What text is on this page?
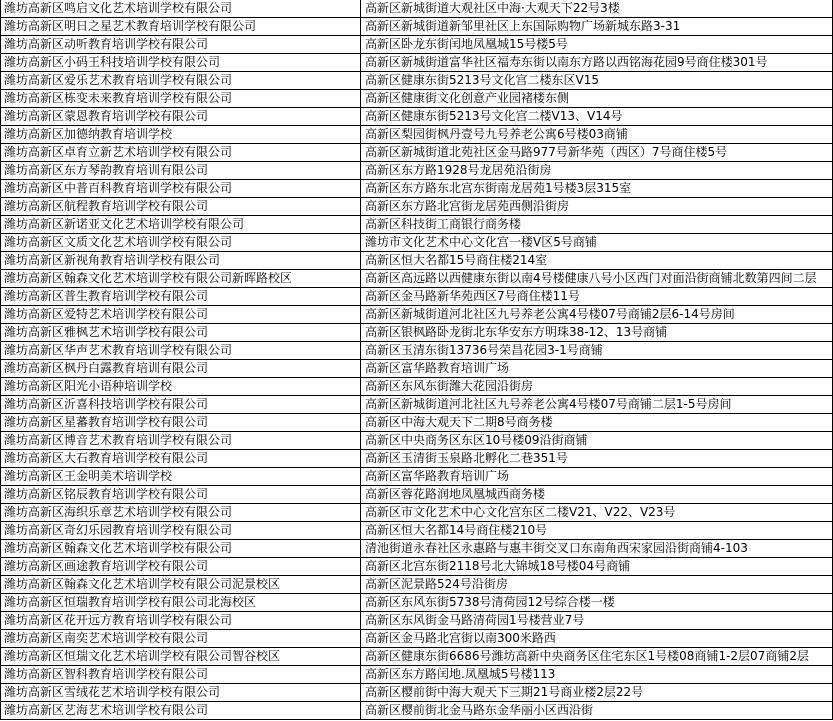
潍坊高新区鸣启文化艺术培训学校有限公司	高新区新城街道大观社区中海·大观天下22号3楼
潍坊高新区明日之星艺术教育培训学校有限公司	高新区新城街道新邹里社区上东国际购物广场新城东路3-31
潍坊高新区动听教育培训学校有限公司	高新区卧龙东街闰地凤凰城15号楼5号
潍坊高新区小码王科技培训学校有限公司	高新区新城街道富华社区福寿东街以南东方路以西铭海花园9号商住楼301号
潍坊高新区爱乐艺术教育培训学校有限公司	高新区健康东街5213号文化宫二楼东区V15
潍坊高新区栋变未来教育培训学校有限公司	高新区健康街文化创意产业园褚楼东侧
潍坊高新区蒙恩教育培训学校有限公司	高新区健康东街5213号文化宫二楼V13、V14号
潍坊高新区加德纳教育培训学校	高新区梨园街枫丹壹号九号养老公寓6号楼03商铺
潍坊高新区卓育立新艺术培训学校有限公司	高新区新城街道北苑社区金马路977号新华苑（西区）7号商住楼5号
潍坊高新区东方琴韵教育培训有限公司	高新区东方路1928号龙居苑沿街房
潍坊高新区中普百科教育培训学校有限公司	高新区东方路东北宫东街南龙居苑1号楼3层315室
潍坊高新区航程教育培训学校有限公司	高新区东方路北宫街龙居苑西侧沿街房
潍坊高新区新诺亚文化艺术培训学校有限公司	高新区科技街工商银行商务楼
潍坊高新区文质文化艺术培训学校有限公司	潍坊市文化艺术中心文化宫一楼V区5号商铺
潍坊高新区新视角教育培训学校有限公司	高新区恒大名都15号商住楼214室
潍坊高新区翰森文化艺术培训学校有限公司新晖路校区	高新区高远路以西健康东街以南4号楼健康八号小区西门对面沿街商铺北数第四间二层
潍坊高新区普生教育培训学校有限公司	高新区金马路新华苑西区7号商住楼11号
潍坊高新区爱特艺术培训学校有限公司	高新区新城街道河北社区九号养老公寓4号楼07号商铺2层6-14号房间
潍坊高新区雅枫艺术培训学校有限公司	高新区银枫路卧龙街北东华安东方明珠38-12、13号商铺
潍坊高新区华声艺术教育培训学校有限公司	高新区玉清东街13736号荣昌花园3-1号商铺
潍坊高新区枫丹白露教育培训有限公司	高新区富华路教育培训广场
潍坊高新区阳光小语种培训学校	高新区东风东街潍大花园沿街房
潍坊高新区沂喜科技培训学校有限公司	高新区新城街道河北社区九号养老公寓4号楼07号商铺二层1-5号房间
潍坊高新区星蕃教育培训学校有限公司	高新区中海大观天下二期8号商务楼
潍坊高新区博音艺术教育培训学校有限公司	高新区中央商务区东区10号楼09沿街商铺
潍坊高新区大石教育培训学校有限公司	高新区玉清街玉泉路北孵化二巷351号
潍坊高新区王金明美术培训学校	高新区富华路教育培训广场
潍坊高新区铭辰教育培训学校有限公司	高新区蓉花路润地凤凰城西商务楼
潍坊高新区海织乐章艺术培训学校有限公司	高新区市文化艺术中心文化宫东区二楼V21、V22、V23号
潍坊高新区奇幻乐园教育培训学校有限公司	高新区恒大名都14号商住楼210号
潍坊高新区翰森文化艺术培训学校有限公司	清池街道永春社区永惠路与惠丰街交叉口东南角西宋家园沿街商铺4-103
潍坊高新区画途教育培训学校有限公司	高新区北宫东街2118号北大锦城18号楼04号商铺
潍坊高新区翰森文化艺术培训学校有限公司泥景校区	高新区泥景路524号沿街房
潍坊高新区恒瑞教育培训学校有限公司北海校区	高新区东风东街5738号清荷园12号综合楼一楼
潍坊高新区花开远方教育培训学校有限公司	高新区东风街金马路清荷园1号楼营业7号
潍坊高新区南奕艺术培训学校有限公司	高新区金马路北宫街以南300米路西
潍坊高新区恒瑞文化艺术培训学校有限公司智谷校区	高新区健康东街6686号潍坊高新中央商务区住宅东区1号楼08商铺1-2层07商铺2层
潍坊高新区智科教育培训学校有限公司	高新区东方路闰地.凤凰城5号楼113
潍坊高新区雪绒花艺术培训学校有限公司	高新区樱前街中海大观天下三期21号商业楼2层22号
潍坊高新区艺海艺术培训学校有限公司	高新区樱前街北金马路东金华丽小区西沿街
